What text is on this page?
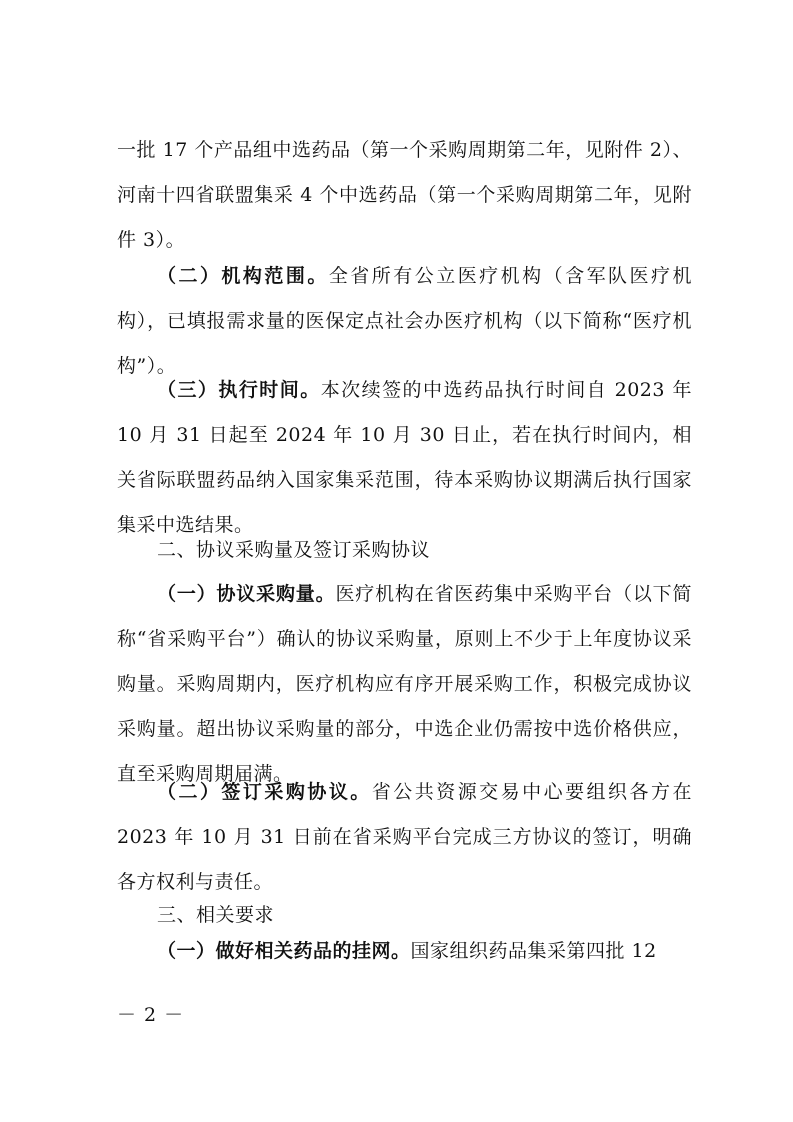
一批 17 个产品组中选药品（第一个采购周期第二年，见附件 2）、河南十四省联盟集采 4 个中选药品（第一个采购周期第二年，见附件 3）。

（二）机构范围。全省所有公立医疗机构（含军队医疗机构），已填报需求量的医保定点社会办医疗机构（以下简称“医疗机构”）。

（三）执行时间。本次续签的中选药品执行时间自 2023 年 10 月 31 日起至 2024 年 10 月 30 日止，若在执行时间内，相关省际联盟药品纳入国家集采范围，待本采购协议期满后执行国家集采中选结果。

二、协议采购量及签订采购协议

（一）协议采购量。医疗机构在省医药集中采购平台（以下简称“省采购平台”）确认的协议采购量，原则上不少于上年度协议采购量。采购周期内，医疗机构应有序开展采购工作，积极完成协议采购量。超出协议采购量的部分，中选企业仍需按中选价格供应，直至采购周期届满。

（二）签订采购协议。省公共资源交易中心要组织各方在 2023 年 10 月 31 日前在省采购平台完成三方协议的签订，明确各方权利与责任。

三、相关要求

（一）做好相关药品的挂网。国家组织药品集采第四批 12

－ 2 －
